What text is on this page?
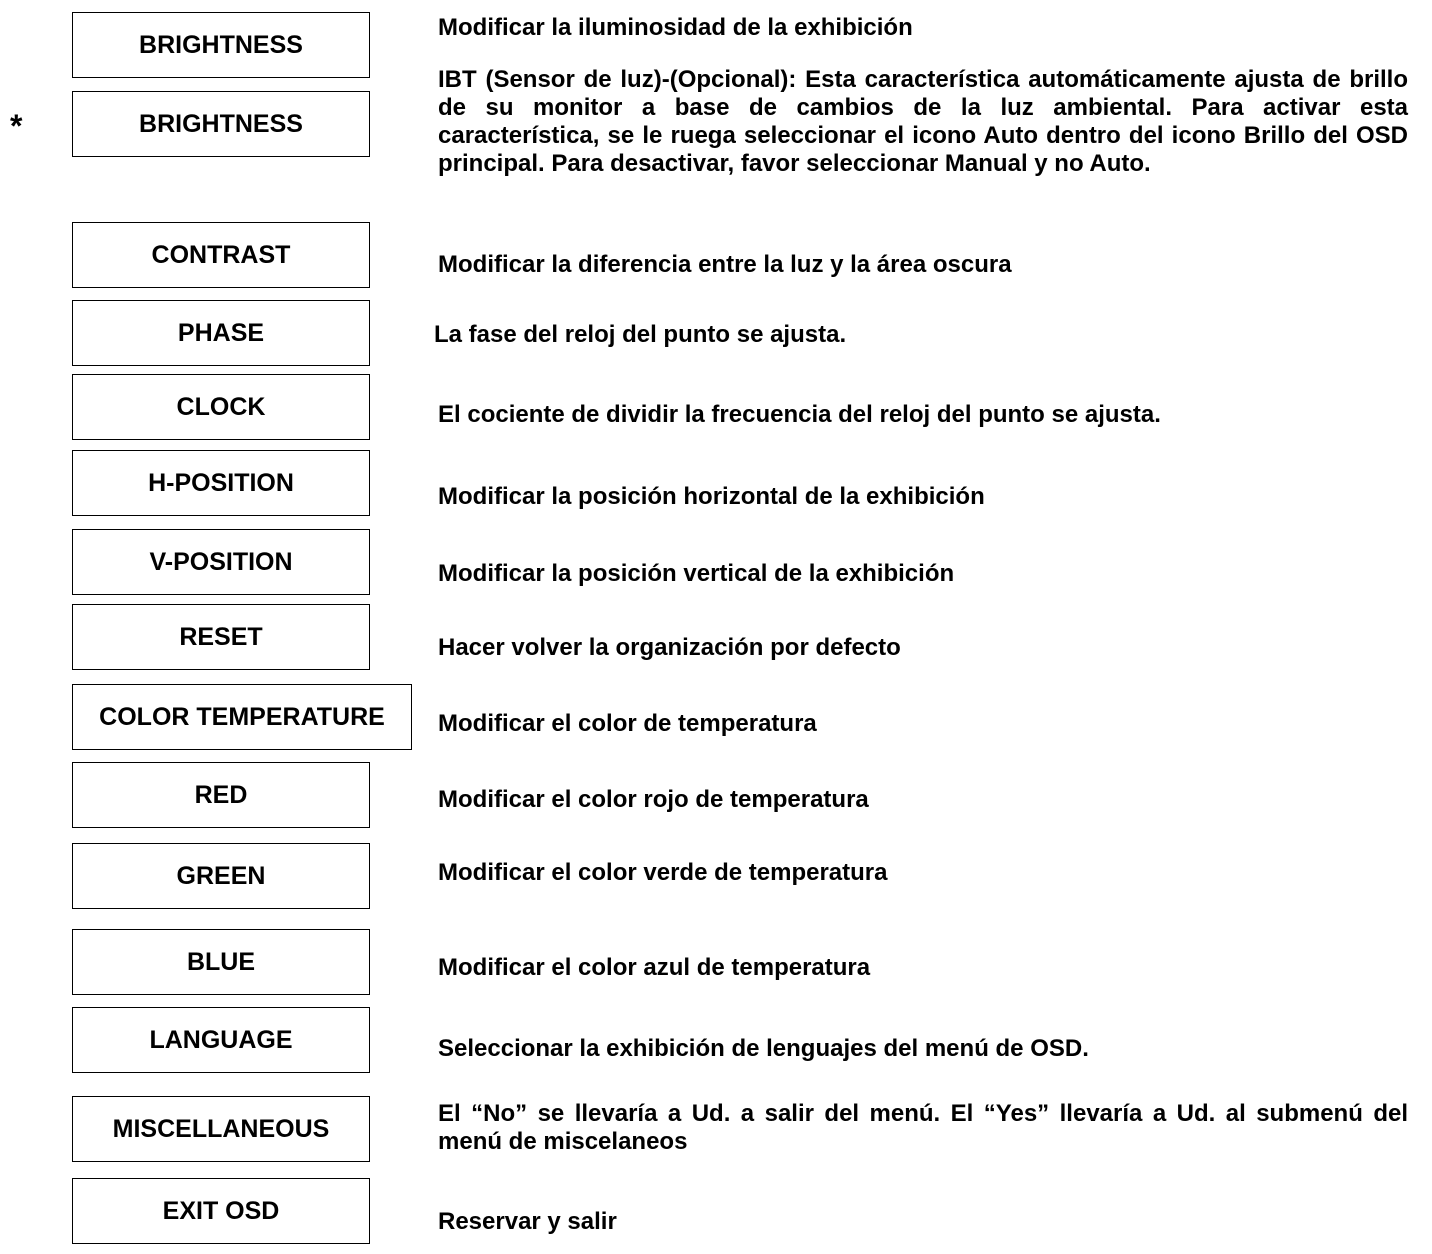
*
BRIGHTNESS
BRIGHTNESS
CONTRAST
PHASE
CLOCK
H-POSITION
V-POSITION
RESET
COLOR TEMPERATURE
RED
GREEN
BLUE
LANGUAGE
MISCELLANEOUS
EXIT OSD
Modificar la iluminosidad de la exhibición
IBT (Sensor de luz)-(Opcional): Esta característica automáticamente ajusta de brillo de su monitor a base de cambios de la luz ambiental. Para activar esta característica, se le ruega seleccionar el icono Auto dentro del icono Brillo del OSD principal. Para desactivar, favor seleccionar Manual y no Auto.
Modificar la diferencia entre la luz y la área oscura
La fase del reloj del punto se ajusta.
El cociente de dividir la frecuencia del reloj del punto se ajusta.
Modificar la posición horizontal de la exhibición
Modificar la posición vertical de la exhibición
Hacer volver la organización por defecto
Modificar el color de temperatura
Modificar el color rojo de temperatura
Modificar el color verde de temperatura
Modificar el color azul de temperatura
Seleccionar la exhibición de lenguajes del menú de OSD.
El “No” se llevaría a Ud. a salir del menú. El “Yes” llevaría a Ud. al submenú del menú de miscelaneos
Reservar y salir
